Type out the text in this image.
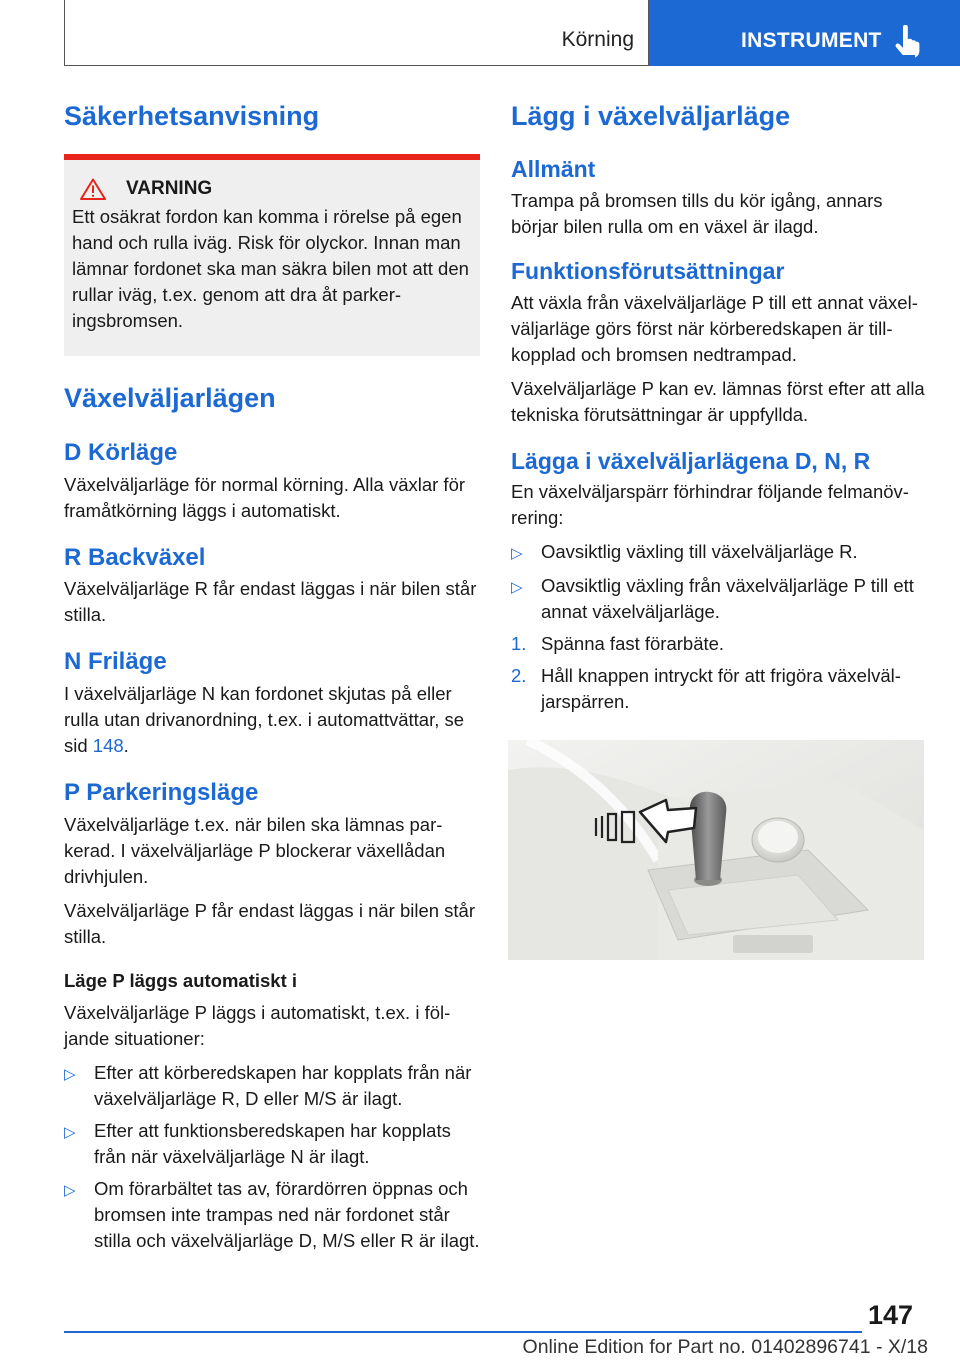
Körning	INSTRUMENT
Säkerhetsanvisning
VARNING

Ett osäkrat fordon kan komma i rörelse på egen hand och rulla iväg. Risk för olyckor. Innan man lämnar fordonet ska man säkra bilen mot att den rullar iväg, t.ex. genom att dra åt parkeringsbromsen.

Växelväljarlägen
D Körläge

Växelväljarläge för normal körning. Alla växlar för framåtkörning läggs i automatiskt.

R Backväxel

Växelväljarläge R får endast läggas i när bilen står stilla.

N Friläge

I växelväljarläge N kan fordonet skjutas på eller rulla utan drivanordning, t.ex. i automattvättar, se sid 148.

P Parkeringsläge

Växelväljarläge t.ex. när bilen ska lämnas parkerad. I växelväljarläge P blockerar växellådan drivhjulen.

Växelväljarläge P får endast läggas i när bilen står stilla.

Läge P läggs automatiskt i

Växelväljarläge P läggs i automatiskt, t.ex. i följande situationer:

▷ Efter att körberedskapen har kopplats från när växelväljarläge R, D eller M/S är ilagt.
▷ Efter att funktionsberedskapen har kopplats från när växelväljarläge N är ilagt.
▷ Om förarbältet tas av, förardörren öppnas och bromsen inte trampas ned när fordonet står stilla och växelväljarläge D, M/S eller R är ilagt.
Lägg i växelväljarläge
Allmänt

Trampa på bromsen tills du kör igång, annars börjar bilen rulla om en växel är ilagd.

Funktionsförutsättningar

Att växla från växelväljarläge P till ett annat växelväljarläge görs först när körberedskapen är tillkopplad och bromsen nedtrampad.

Växelväljarläge P kan ev. lämnas först efter att alla tekniska förutsättningar är uppfyllda.

Lägga i växelväljarlägena D, N, R

En växelväljarspärr förhindrar följande felmanövrering:

▷ Oavsiktlig växling till växelväljarläge R.
▷ Oavsiktlig växling från växelväljarläge P till ett annat växelväljarläge.
1. Spänna fast förarbäte.
2. Håll knappen intryckt för att frigöra växelväljarspärren.
147
Online Edition for Part no. 01402896741 - X/18
